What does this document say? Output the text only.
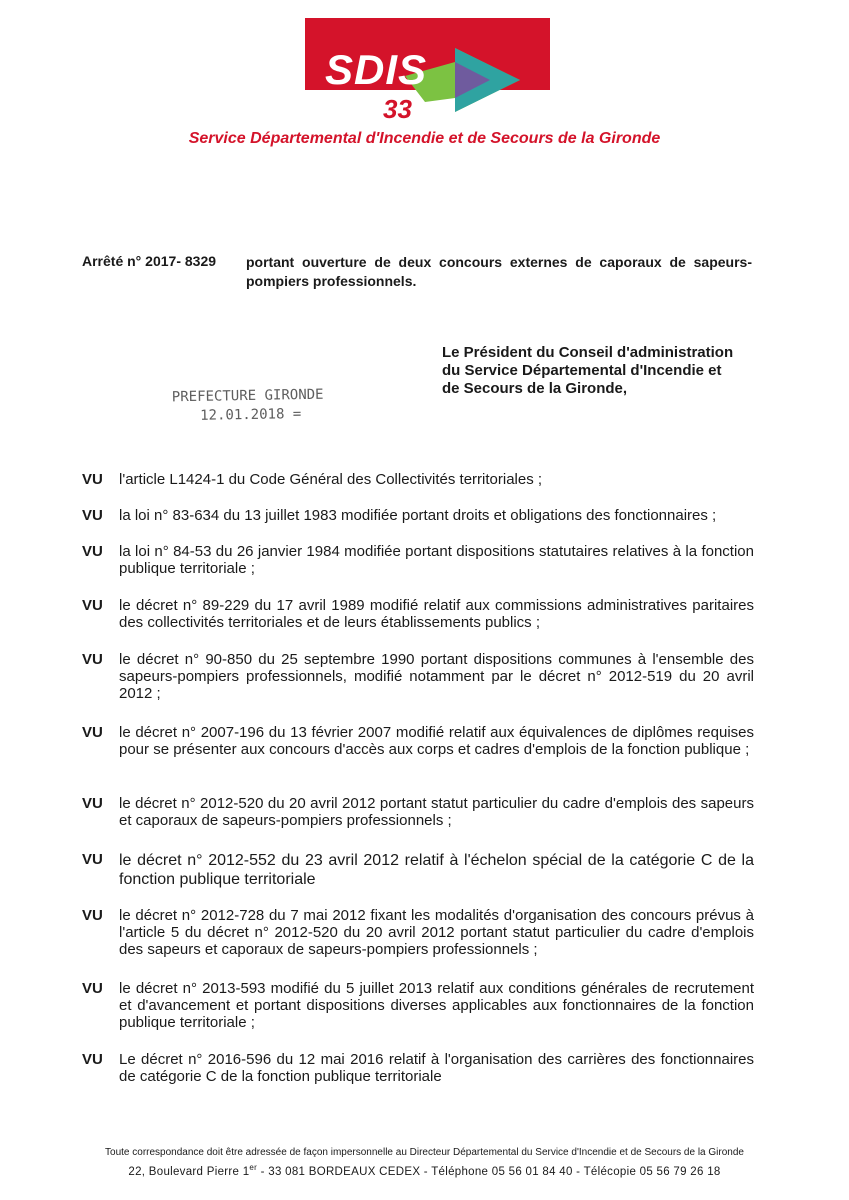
SDIS
33
Service Départemental d'Incendie et de Secours de la Gironde
Arrêté n° 2017- 8329 portant ouverture de deux concours externes de caporaux de sapeurs-pompiers professionnels.
Le Président du Conseil d'administration
du Service Départemental d'Incendie et
de Secours de la Gironde,
PREFECTURE GIRONDE
12.01.2018 =
VU l'article L1424-1 du Code Général des Collectivités territoriales ;
VU la loi n° 83-634 du 13 juillet 1983 modifiée portant droits et obligations des fonctionnaires ;
VU la loi n° 84-53 du 26 janvier 1984 modifiée portant dispositions statutaires relatives à la fonction publique territoriale ;
VU le décret n° 89-229 du 17 avril 1989 modifié relatif aux commissions administratives paritaires des collectivités territoriales et de leurs établissements publics ;
VU le décret n° 90-850 du 25 septembre 1990 portant dispositions communes à l'ensemble des sapeurs-pompiers professionnels, modifié notamment par le décret n° 2012-519 du 20 avril 2012 ;
VU le décret n° 2007-196 du 13 février 2007 modifié relatif aux équivalences de diplômes requises pour se présenter aux concours d'accès aux corps et cadres d'emplois de la fonction publique ;
VU le décret n° 2012-520 du 20 avril 2012 portant statut particulier du cadre d'emplois des sapeurs et caporaux de sapeurs-pompiers professionnels ;
VU le décret n° 2012-552 du 23 avril 2012 relatif à l'échelon spécial de la catégorie C de la fonction publique territoriale
VU le décret n° 2012-728 du 7 mai 2012 fixant les modalités d'organisation des concours prévus à l'article 5 du décret n° 2012-520 du 20 avril 2012 portant statut particulier du cadre d'emplois des sapeurs et caporaux de sapeurs-pompiers professionnels ;
VU le décret n° 2013-593 modifié du 5 juillet 2013 relatif aux conditions générales de recrutement et d'avancement et portant dispositions diverses applicables aux fonctionnaires de la fonction publique territoriale ;
VU Le décret n° 2016-596 du 12 mai 2016 relatif à l'organisation des carrières des fonctionnaires de catégorie C de la fonction publique territoriale
Toute correspondance doit être adressée de façon impersonnelle au Directeur Départemental du Service d'Incendie et de Secours de la Gironde
22, Boulevard Pierre 1er - 33 081 BORDEAUX CEDEX - Téléphone 05 56 01 84 40 - Télécopie 05 56 79 26 18
